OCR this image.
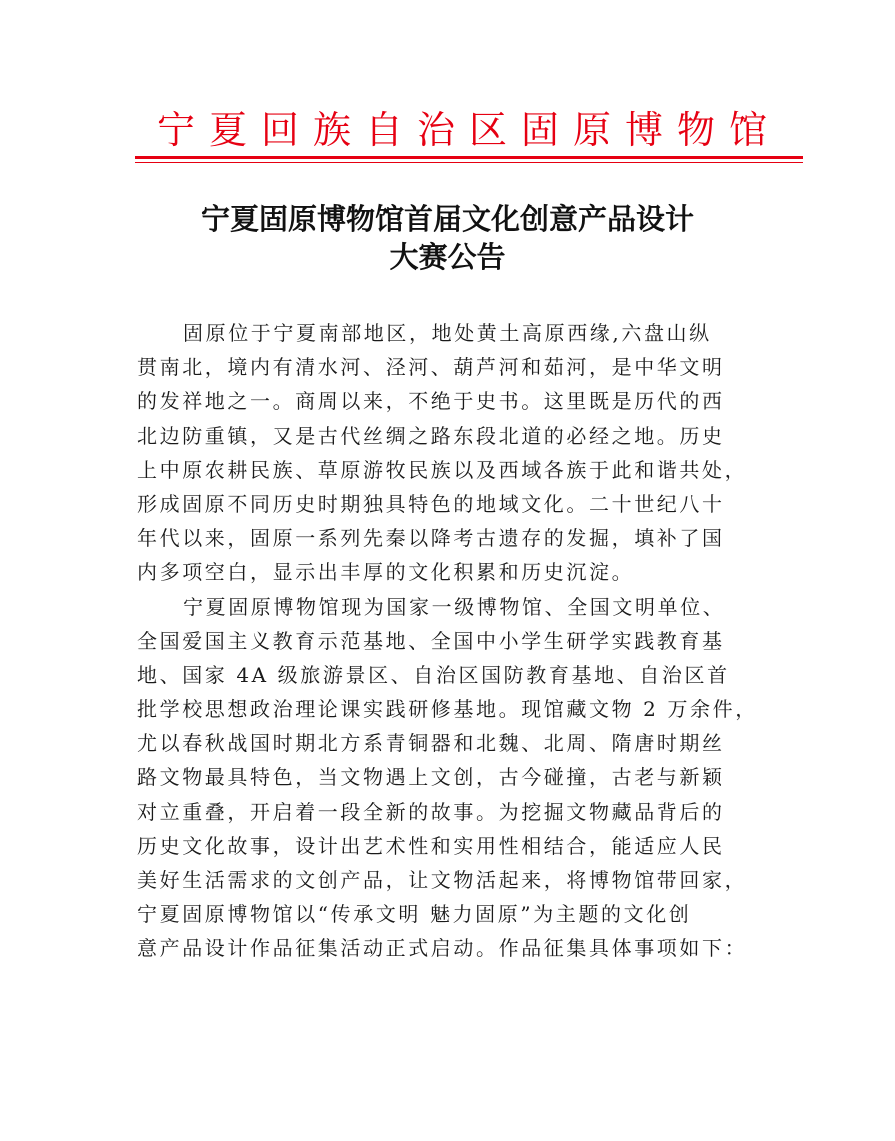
宁夏回族自治区固原博物馆
宁夏固原博物馆首届文化创意产品设计
大赛公告
固原位于宁夏南部地区，地处黄土高原西缘,六盘山纵
贯南北，境内有清水河、泾河、葫芦河和茹河，是中华文明
的发祥地之一。商周以来，不绝于史书。这里既是历代的西
北边防重镇，又是古代丝绸之路东段北道的必经之地。历史
上中原农耕民族、草原游牧民族以及西域各族于此和谐共处，
形成固原不同历史时期独具特色的地域文化。二十世纪八十
年代以来，固原一系列先秦以降考古遗存的发掘，填补了国
内多项空白，显示出丰厚的文化积累和历史沉淀。
宁夏固原博物馆现为国家一级博物馆、全国文明单位、
全国爱国主义教育示范基地、全国中小学生研学实践教育基
地、国家 4A 级旅游景区、自治区国防教育基地、自治区首
批学校思想政治理论课实践研修基地。现馆藏文物 2 万余件，
尤以春秋战国时期北方系青铜器和北魏、北周、隋唐时期丝
路文物最具特色，当文物遇上文创，古今碰撞，古老与新颖
对立重叠，开启着一段全新的故事。为挖掘文物藏品背后的
历史文化故事，设计出艺术性和实用性相结合，能适应人民
美好生活需求的文创产品，让文物活起来，将博物馆带回家，
宁夏固原博物馆以“传承文明 魅力固原”为主题的文化创
意产品设计作品征集活动正式启动。作品征集具体事项如下：
